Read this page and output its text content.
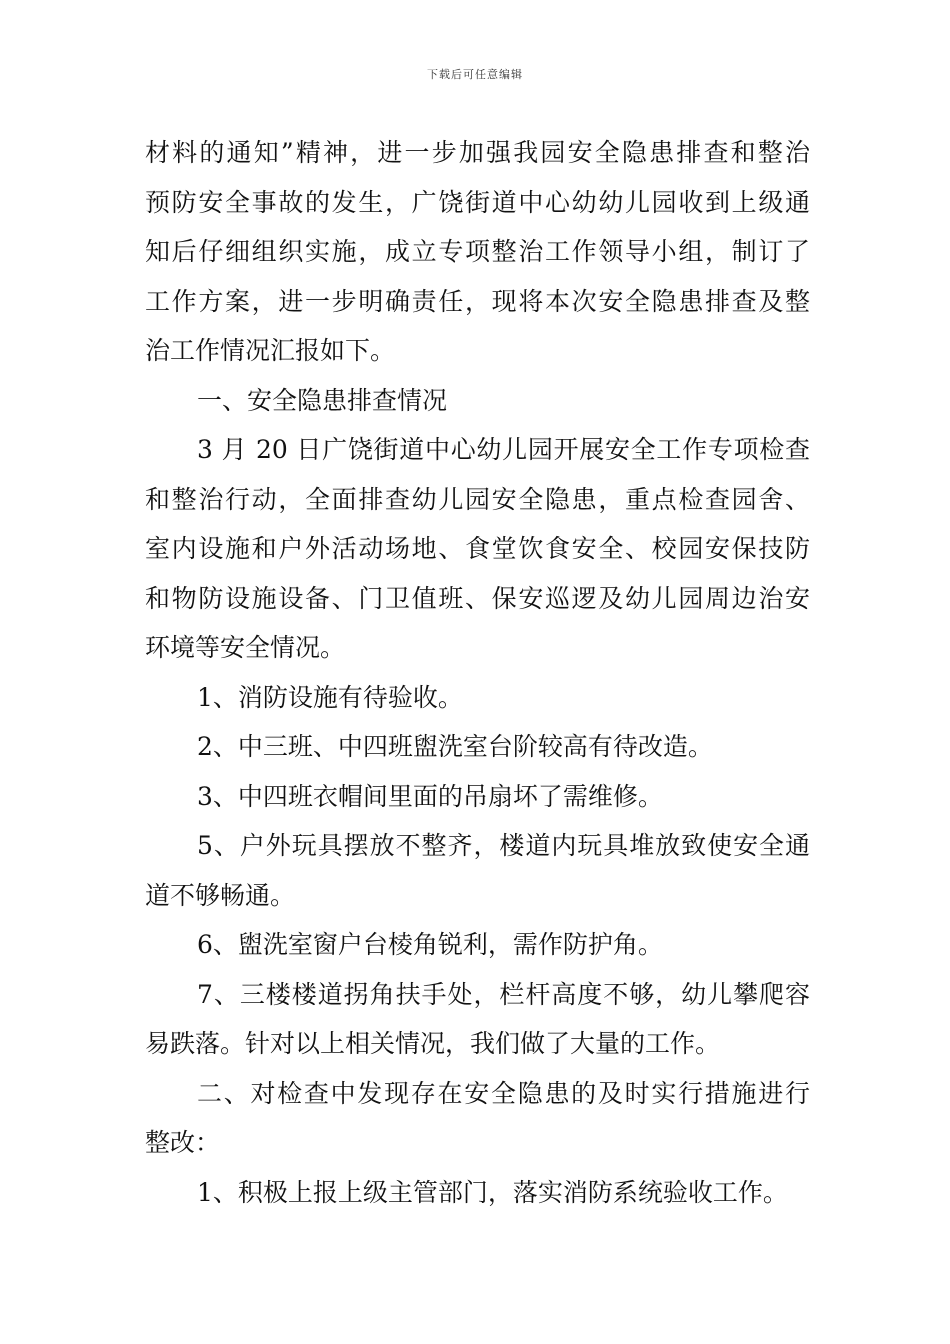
下载后可任意编辑
材料的通知”精神，进一步加强我园安全隐患排查和整治
预防安全事故的发生，广饶街道中心幼幼儿园收到上级通
知后仔细组织实施，成立专项整治工作领导小组，制订了
工作方案，进一步明确责任，现将本次安全隐患排查及整
治工作情况汇报如下。
一、安全隐患排查情况
3 月 20 日广饶街道中心幼儿园开展安全工作专项检查
和整治行动，全面排查幼儿园安全隐患，重点检查园舍、
室内设施和户外活动场地、食堂饮食安全、校园安保技防
和物防设施设备、门卫值班、保安巡逻及幼儿园周边治安
环境等安全情况。
1、消防设施有待验收。
2、中三班、中四班盥洗室台阶较高有待改造。
3、中四班衣帽间里面的吊扇坏了需维修。
5、户外玩具摆放不整齐，楼道内玩具堆放致使安全通
道不够畅通。
6、盥洗室窗户台棱角锐利，需作防护角。
7、三楼楼道拐角扶手处，栏杆高度不够，幼儿攀爬容
易跌落。针对以上相关情况，我们做了大量的工作。
二、对检查中发现存在安全隐患的及时实行措施进行
整改：
1、积极上报上级主管部门，落实消防系统验收工作。
